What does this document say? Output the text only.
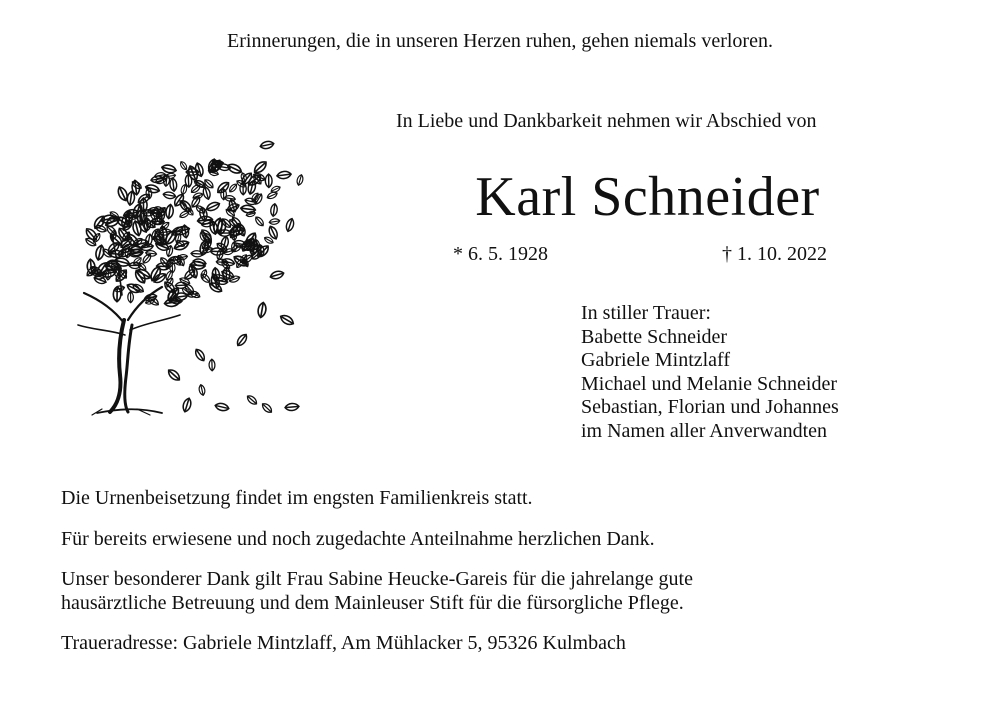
Erinnerungen, die in unseren Herzen ruhen, gehen niemals verloren.
In Liebe und Dankbarkeit nehmen wir Abschied von
Karl Schneider
* 6. 5. 1928	† 1. 10. 2022
In stiller Trauer:
Babette Schneider
Gabriele Mintzlaff
Michael und Melanie Schneider
Sebastian, Florian und Johannes
im Namen aller Anverwandten

Die Urnenbeisetzung findet im engsten Familienkreis statt.

Für bereits erwiesene und noch zugedachte Anteilnahme herzlichen Dank.

Unser besonderer Dank gilt Frau Sabine Heucke-Gareis für die jahrelange gute
hausärztliche Betreuung und dem Mainleuser Stift für die fürsorgliche Pflege.

Traueradresse: Gabriele Mintzlaff, Am Mühlacker 5, 95326 Kulmbach
